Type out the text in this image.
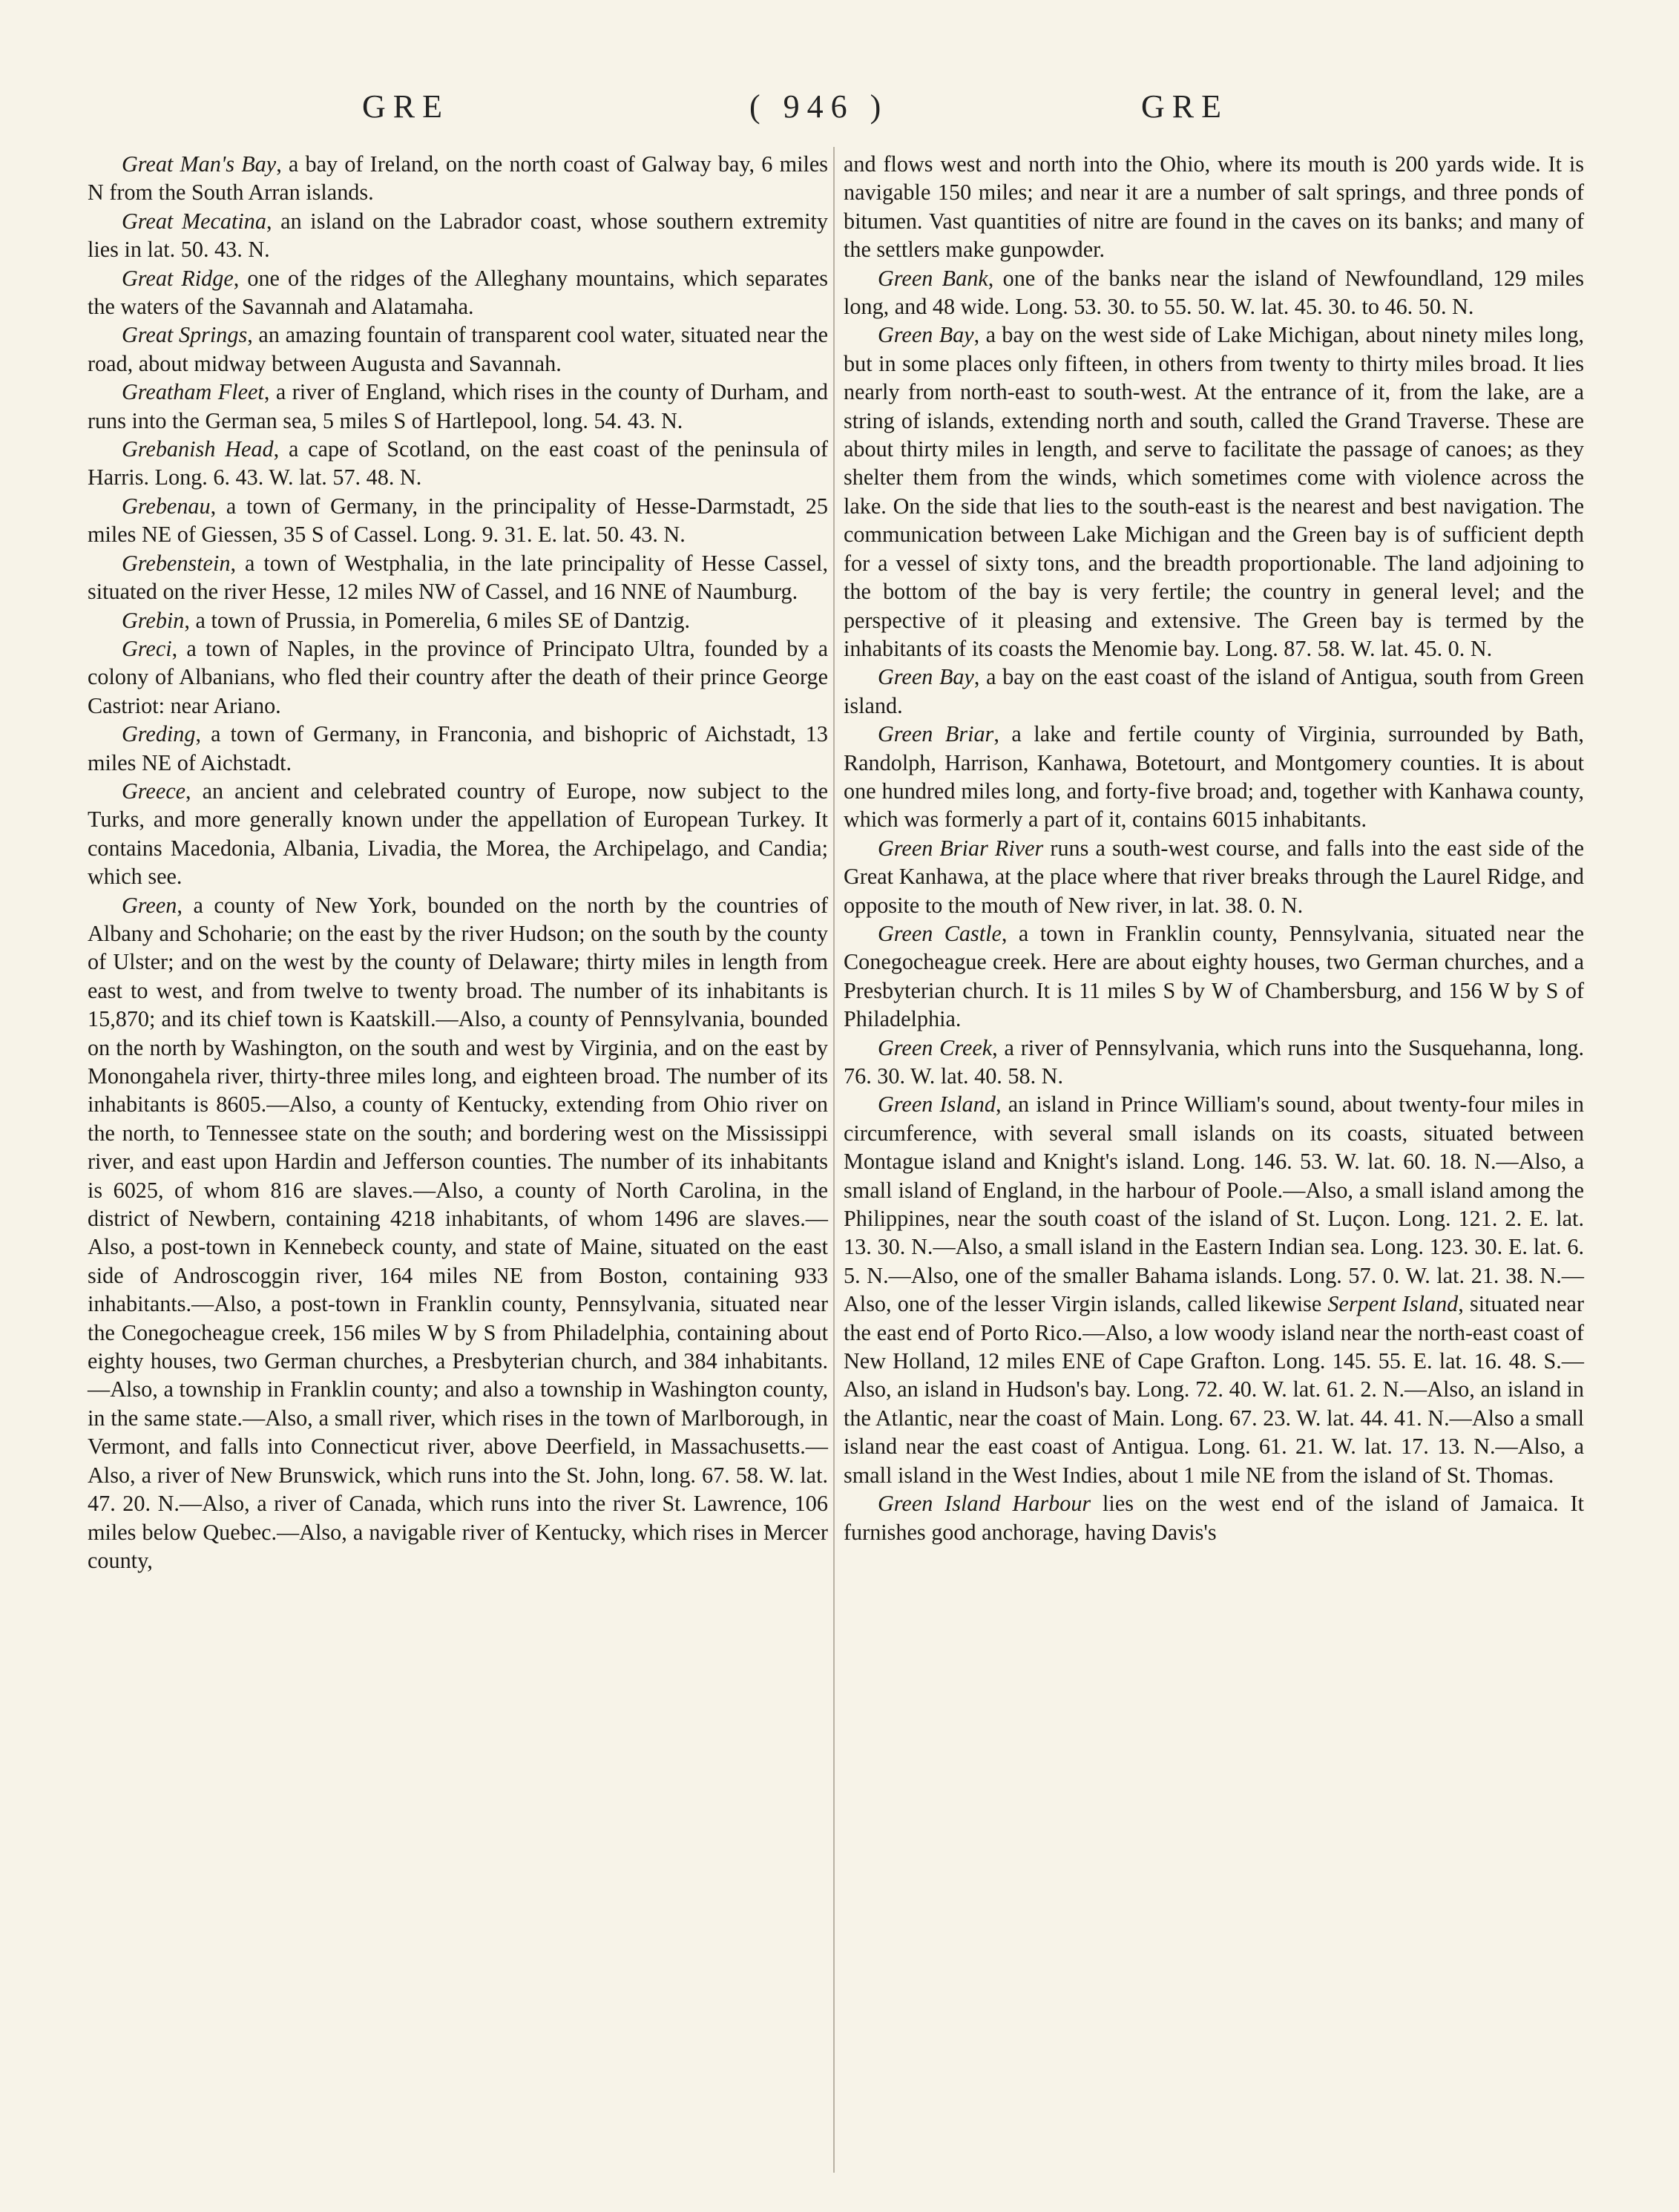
GRE	( 946 )	GRE

Great Man's Bay, a bay of Ireland, on the north coast of Galway bay, 6 miles N from the South Arran islands.

Great Mecatina, an island on the Labrador coast, whose southern extremity lies in lat. 50. 43. N.

Great Ridge, one of the ridges of the Alleghany mountains, which separates the waters of the Savannah and Alatamaha.

Great Springs, an amazing fountain of transparent cool water, situated near the road, about midway between Augusta and Savannah.

Greatham Fleet, a river of England, which rises in the county of Durham, and runs into the German sea, 5 miles S of Hartlepool, long. 54. 43. N.

Grebanish Head, a cape of Scotland, on the east coast of the peninsula of Harris. Long. 6. 43. W. lat. 57. 48. N.

Grebenau, a town of Germany, in the principality of Hesse-Darmstadt, 25 miles NE of Giessen, 35 S of Cassel. Long. 9. 31. E. lat. 50. 43. N.

Grebenstein, a town of Westphalia, in the late principality of Hesse Cassel, situated on the river Hesse, 12 miles NW of Cassel, and 16 NNE of Naumburg.

Grebin, a town of Prussia, in Pomerelia, 6 miles SE of Dantzig.

Greci, a town of Naples, in the province of Principato Ultra, founded by a colony of Albanians, who fled their country after the death of their prince George Castriot: near Ariano.

Greding, a town of Germany, in Franconia, and bishopric of Aichstadt, 13 miles NE of Aichstadt.

Greece, an ancient and celebrated country of Europe, now subject to the Turks, and more generally known under the appellation of European Turkey. It contains Macedonia, Albania, Livadia, the Morea, the Archipelago, and Candia; which see.

Green, a county of New York, bounded on the north by the countries of Albany and Schoharie; on the east by the river Hudson; on the south by the county of Ulster; and on the west by the county of Delaware; thirty miles in length from east to west, and from twelve to twenty broad. The number of its inhabitants is 15,870; and its chief town is Kaatskill.—Also, a county of Pennsylvania, bounded on the north by Washington, on the south and west by Virginia, and on the east by Monongahela river, thirty-three miles long, and eighteen broad. The number of its inhabitants is 8605.—Also, a county of Kentucky, extending from Ohio river on the north, to Tennessee state on the south; and bordering west on the Mississippi river, and east upon Hardin and Jefferson counties. The number of its inhabitants is 6025, of whom 816 are slaves.—Also, a county of North Carolina, in the district of Newbern, containing 4218 inhabitants, of whom 1496 are slaves.—Also, a post-town in Kennebeck county, and state of Maine, situated on the east side of Androscoggin river, 164 miles NE from Boston, containing 933 inhabitants.—Also, a post-town in Franklin county, Pennsylvania, situated near the Conegocheague creek, 156 miles W by S from Philadelphia, containing about eighty houses, two German churches, a Presbyterian church, and 384 inhabitants.—Also, a township in Franklin county; and also a township in Washington county, in the same state.—Also, a small river, which rises in the town of Marlborough, in Vermont, and falls into Connecticut river, above Deerfield, in Massachusetts.—Also, a river of New Brunswick, which runs into the St. John, long. 67. 58. W. lat. 47. 20. N.—Also, a river of Canada, which runs into the river St. Lawrence, 106 miles below Quebec.—Also, a navigable river of Kentucky, which rises in Mercer county,

and flows west and north into the Ohio, where its mouth is 200 yards wide. It is navigable 150 miles; and near it are a number of salt springs, and three ponds of bitumen. Vast quantities of nitre are found in the caves on its banks; and many of the settlers make gunpowder.

Green Bank, one of the banks near the island of Newfoundland, 129 miles long, and 48 wide. Long. 53. 30. to 55. 50. W. lat. 45. 30. to 46. 50. N.

Green Bay, a bay on the west side of Lake Michigan, about ninety miles long, but in some places only fifteen, in others from twenty to thirty miles broad. It lies nearly from north-east to south-west. At the entrance of it, from the lake, are a string of islands, extending north and south, called the Grand Traverse. These are about thirty miles in length, and serve to facilitate the passage of canoes; as they shelter them from the winds, which sometimes come with violence across the lake. On the side that lies to the south-east is the nearest and best navigation. The communication between Lake Michigan and the Green bay is of sufficient depth for a vessel of sixty tons, and the breadth proportionable. The land adjoining to the bottom of the bay is very fertile; the country in general level; and the perspective of it pleasing and extensive. The Green bay is termed by the inhabitants of its coasts the Menomie bay. Long. 87. 58. W. lat. 45. 0. N.

Green Bay, a bay on the east coast of the island of Antigua, south from Green island.

Green Briar, a lake and fertile county of Virginia, surrounded by Bath, Randolph, Harrison, Kanhawa, Botetourt, and Montgomery counties. It is about one hundred miles long, and forty-five broad; and, together with Kanhawa county, which was formerly a part of it, contains 6015 inhabitants.

Green Briar River runs a south-west course, and falls into the east side of the Great Kanhawa, at the place where that river breaks through the Laurel Ridge, and opposite to the mouth of New river, in lat. 38. 0. N.

Green Castle, a town in Franklin county, Pennsylvania, situated near the Conegocheague creek. Here are about eighty houses, two German churches, and a Presbyterian church. It is 11 miles S by W of Chambersburg, and 156 W by S of Philadelphia.

Green Creek, a river of Pennsylvania, which runs into the Susquehanna, long. 76. 30. W. lat. 40. 58. N.

Green Island, an island in Prince William's sound, about twenty-four miles in circumference, with several small islands on its coasts, situated between Montague island and Knight's island. Long. 146. 53. W. lat. 60. 18. N.—Also, a small island of England, in the harbour of Poole.—Also, a small island among the Philippines, near the south coast of the island of St. Luçon. Long. 121. 2. E. lat. 13. 30. N.—Also, a small island in the Eastern Indian sea. Long. 123. 30. E. lat. 6. 5. N.—Also, one of the smaller Bahama islands. Long. 57. 0. W. lat. 21. 38. N.—Also, one of the lesser Virgin islands, called likewise Serpent Island, situated near the east end of Porto Rico.—Also, a low woody island near the north-east coast of New Holland, 12 miles ENE of Cape Grafton. Long. 145. 55. E. lat. 16. 48. S.—Also, an island in Hudson's bay. Long. 72. 40. W. lat. 61. 2. N.—Also, an island in the Atlantic, near the coast of Main. Long. 67. 23. W. lat. 44. 41. N.—Also a small island near the east coast of Antigua. Long. 61. 21. W. lat. 17. 13. N.—Also, a small island in the West Indies, about 1 mile NE from the island of St. Thomas.

Green Island Harbour lies on the west end of the island of Jamaica. It furnishes good anchorage, having Davis's
